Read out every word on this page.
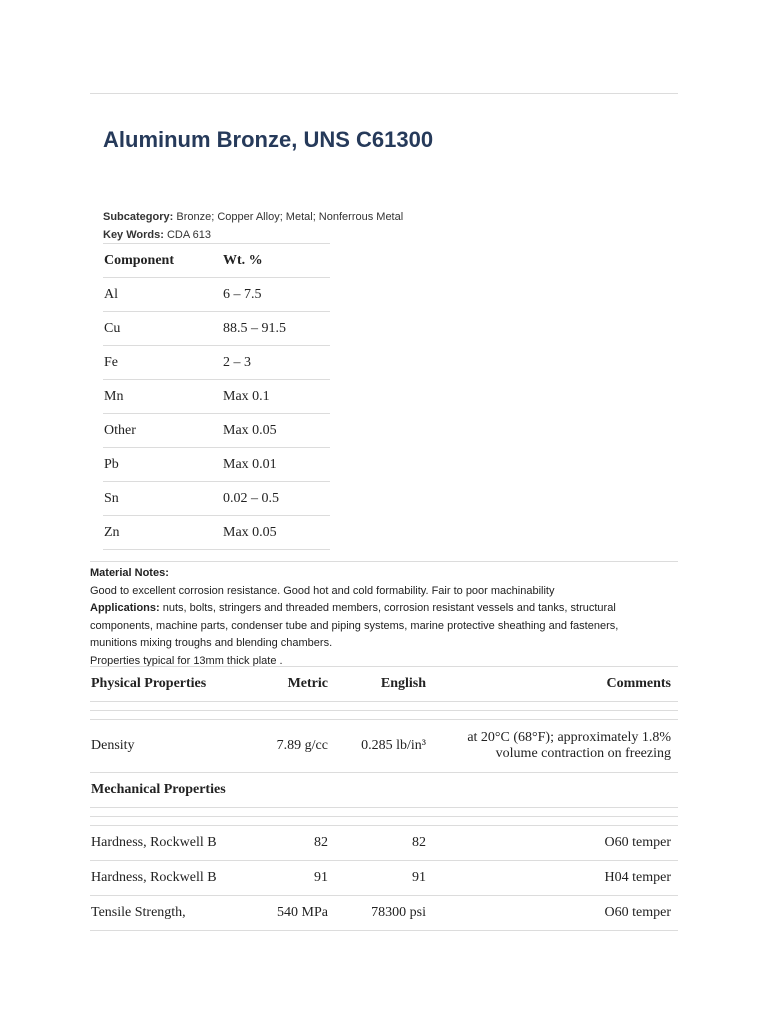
Aluminum Bronze, UNS C61300
Subcategory: Bronze; Copper Alloy; Metal; Nonferrous Metal
Key Words: CDA 613
Component	Wt. %
Al	6 – 7.5
Cu	88.5 – 91.5
Fe	2 – 3
Mn	Max 0.1
Other	Max 0.05
Pb	Max 0.01
Sn	0.02 – 0.5
Zn	Max 0.05
Material Notes:
Good to excellent corrosion resistance. Good hot and cold formability. Fair to poor machinability
Applications: nuts, bolts, stringers and threaded members, corrosion resistant vessels and tanks, structural components, machine parts, condenser tube and piping systems, marine protective sheathing and fasteners, munitions mixing troughs and blending chambers.
Properties typical for 13mm thick plate .
Physical Properties	Metric	English	Comments

Density	7.89 g/cc	0.285 lb/in³	at 20°C (68°F); approximately 1.8% volume contraction on freezing
Mechanical Properties			

Hardness, Rockwell B	82	82	O60 temper
Hardness, Rockwell B	91	91	H04 temper
Tensile Strength,	540 MPa	78300 psi	O60 temper
